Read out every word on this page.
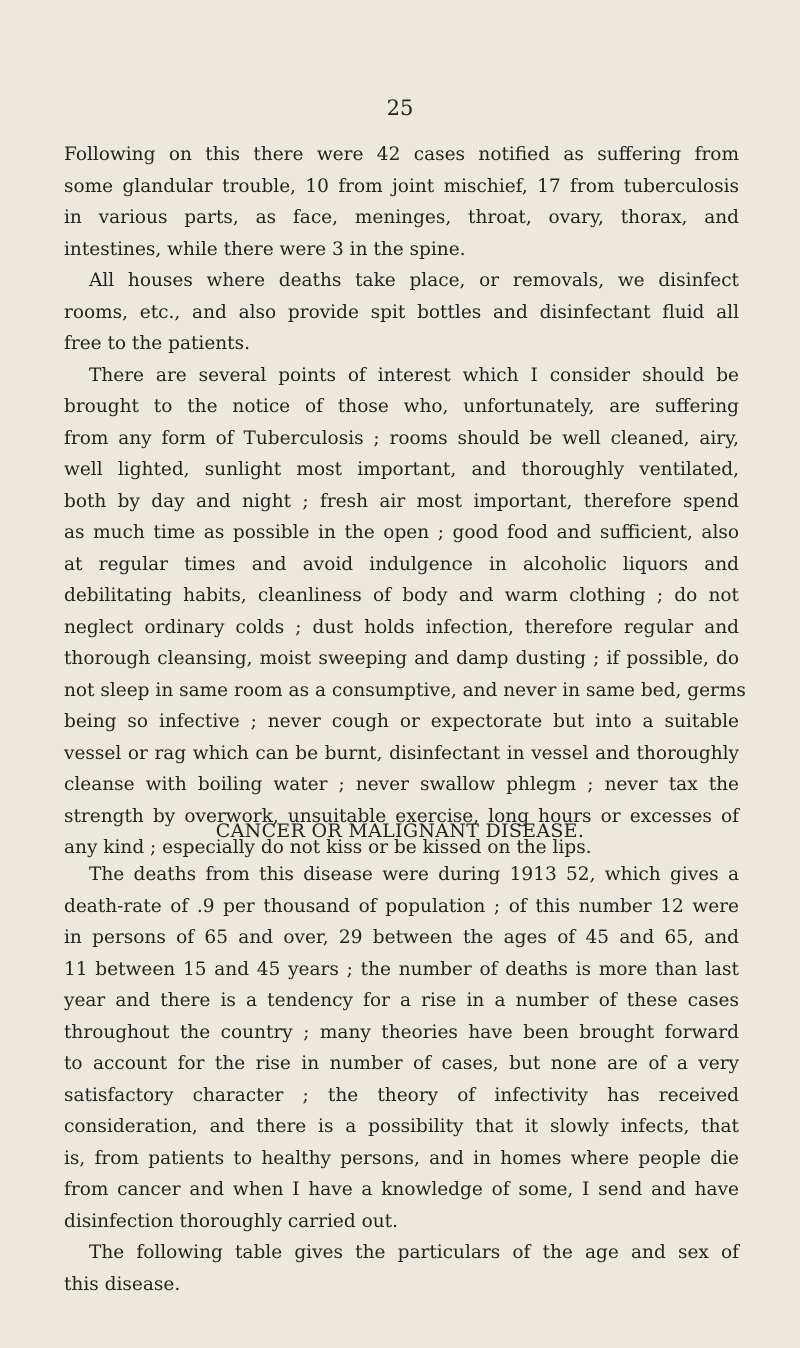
25
Following on this there were 42 cases notified as suffering from
some glandular trouble, 10 from joint mischief, 17 from tuberculosis
in various parts, as face, meninges, throat, ovary, thorax, and
intestines, while there were 3 in the spine.
All houses where deaths take place, or removals, we disinfect
rooms, etc., and also provide spit bottles and disinfectant fluid all
free to the patients.
There are several points of interest which I consider should be
brought to the notice of those who, unfortunately, are suffering
from any form of Tuberculosis ; rooms should be well cleaned, airy,
well lighted, sunlight most important, and thoroughly ventilated,
both by day and night ; fresh air most important, therefore spend
as much time as possible in the open ; good food and sufficient, also
at regular times and avoid indulgence in alcoholic liquors and
debilitating habits, cleanliness of body and warm clothing ; do not
neglect ordinary colds ; dust holds infection, therefore regular and
thorough cleansing, moist sweeping and damp dusting ; if possible, do
not sleep in same room as a consumptive, and never in same bed, germs
being so infective ; never cough or expectorate but into a suitable
vessel or rag which can be burnt, disinfectant in vessel and thoroughly
cleanse with boiling water ; never swallow phlegm ; never tax the
strength by overwork, unsuitable exercise, long hours or excesses of
any kind ; especially do not kiss or be kissed on the lips.
CANCER OR MALIGNANT DISEASE.
The deaths from this disease were during 1913 52, which gives a
death-rate of .9 per thousand of population ; of this number 12 were
in persons of 65 and over, 29 between the ages of 45 and 65, and
11 between 15 and 45 years ; the number of deaths is more than last
year and there is a tendency for a rise in a number of these cases
throughout the country ; many theories have been brought forward
to account for the rise in number of cases, but none are of a very
satisfactory character ; the theory of infectivity has received
consideration, and there is a possibility that it slowly infects, that
is, from patients to healthy persons, and in homes where people die
from cancer and when I have a knowledge of some, I send and have
disinfection thoroughly carried out.
The following table gives the particulars of the age and sex of
this disease.
